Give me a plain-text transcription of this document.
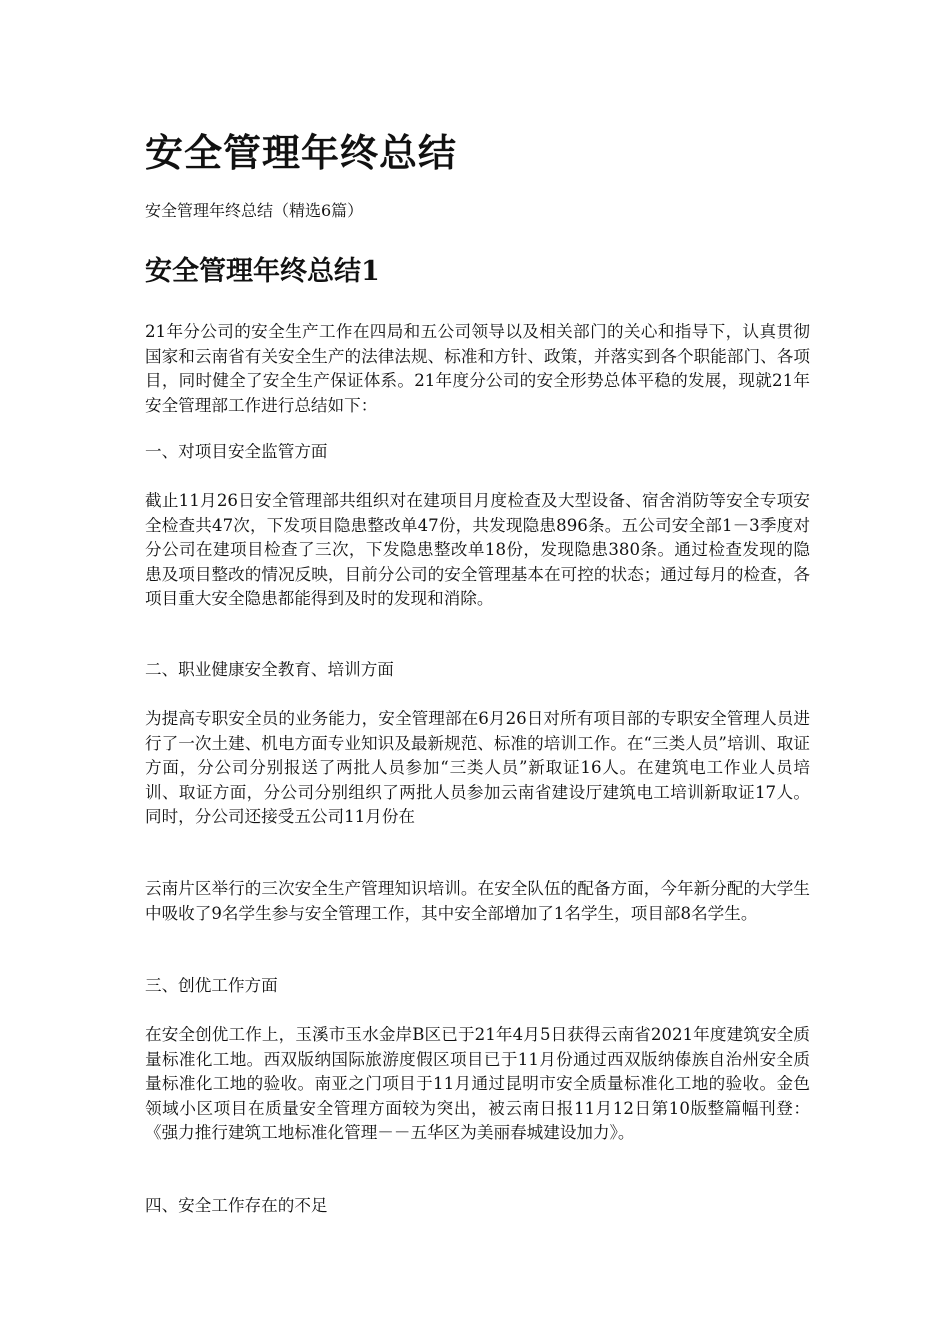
安全管理年终总结

安全管理年终总结（精选6篇）

安全管理年终总结1

21年分公司的安全生产工作在四局和五公司领导以及相关部门的关心和指导下，认真贯彻国家和云南省有关安全生产的法律法规、标准和方针、政策，并落实到各个职能部门、各项目，同时健全了安全生产保证体系。21年度分公司的安全形势总体平稳的发展，现就21年安全管理部工作进行总结如下：

一、对项目安全监管方面

截止11月26日安全管理部共组织对在建项目月度检查及大型设备、宿舍消防等安全专项安全检查共47次，下发项目隐患整改单47份，共发现隐患896条。五公司安全部1－3季度对分公司在建项目检查了三次，下发隐患整改单18份，发现隐患380条。通过检查发现的隐患及项目整改的情况反映，目前分公司的安全管理基本在可控的状态；通过每月的检查，各项目重大安全隐患都能得到及时的发现和消除。

二、职业健康安全教育、培训方面

为提高专职安全员的业务能力，安全管理部在6月26日对所有项目部的专职安全管理人员进行了一次土建、机电方面专业知识及最新规范、标准的培训工作。在“三类人员”培训、取证方面，分公司分别报送了两批人员参加“三类人员”新取证16人。在建筑电工作业人员培训、取证方面，分公司分别组织了两批人员参加云南省建设厅建筑电工培训新取证17人。同时，分公司还接受五公司11月份在

云南片区举行的三次安全生产管理知识培训。在安全队伍的配备方面，今年新分配的大学生中吸收了9名学生参与安全管理工作，其中安全部增加了1名学生，项目部8名学生。

三、创优工作方面

在安全创优工作上，玉溪市玉水金岸B区已于21年4月5日获得云南省2021年度建筑安全质量标准化工地。西双版纳国际旅游度假区项目已于11月份通过西双版纳傣族自治州安全质量标准化工地的验收。南亚之门项目于11月通过昆明市安全质量标准化工地的验收。金色领域小区项目在质量安全管理方面较为突出，被云南日报11月12日第10版整篇幅刊登：《强力推行建筑工地标准化管理－－五华区为美丽春城建设加力》。

四、安全工作存在的不足
